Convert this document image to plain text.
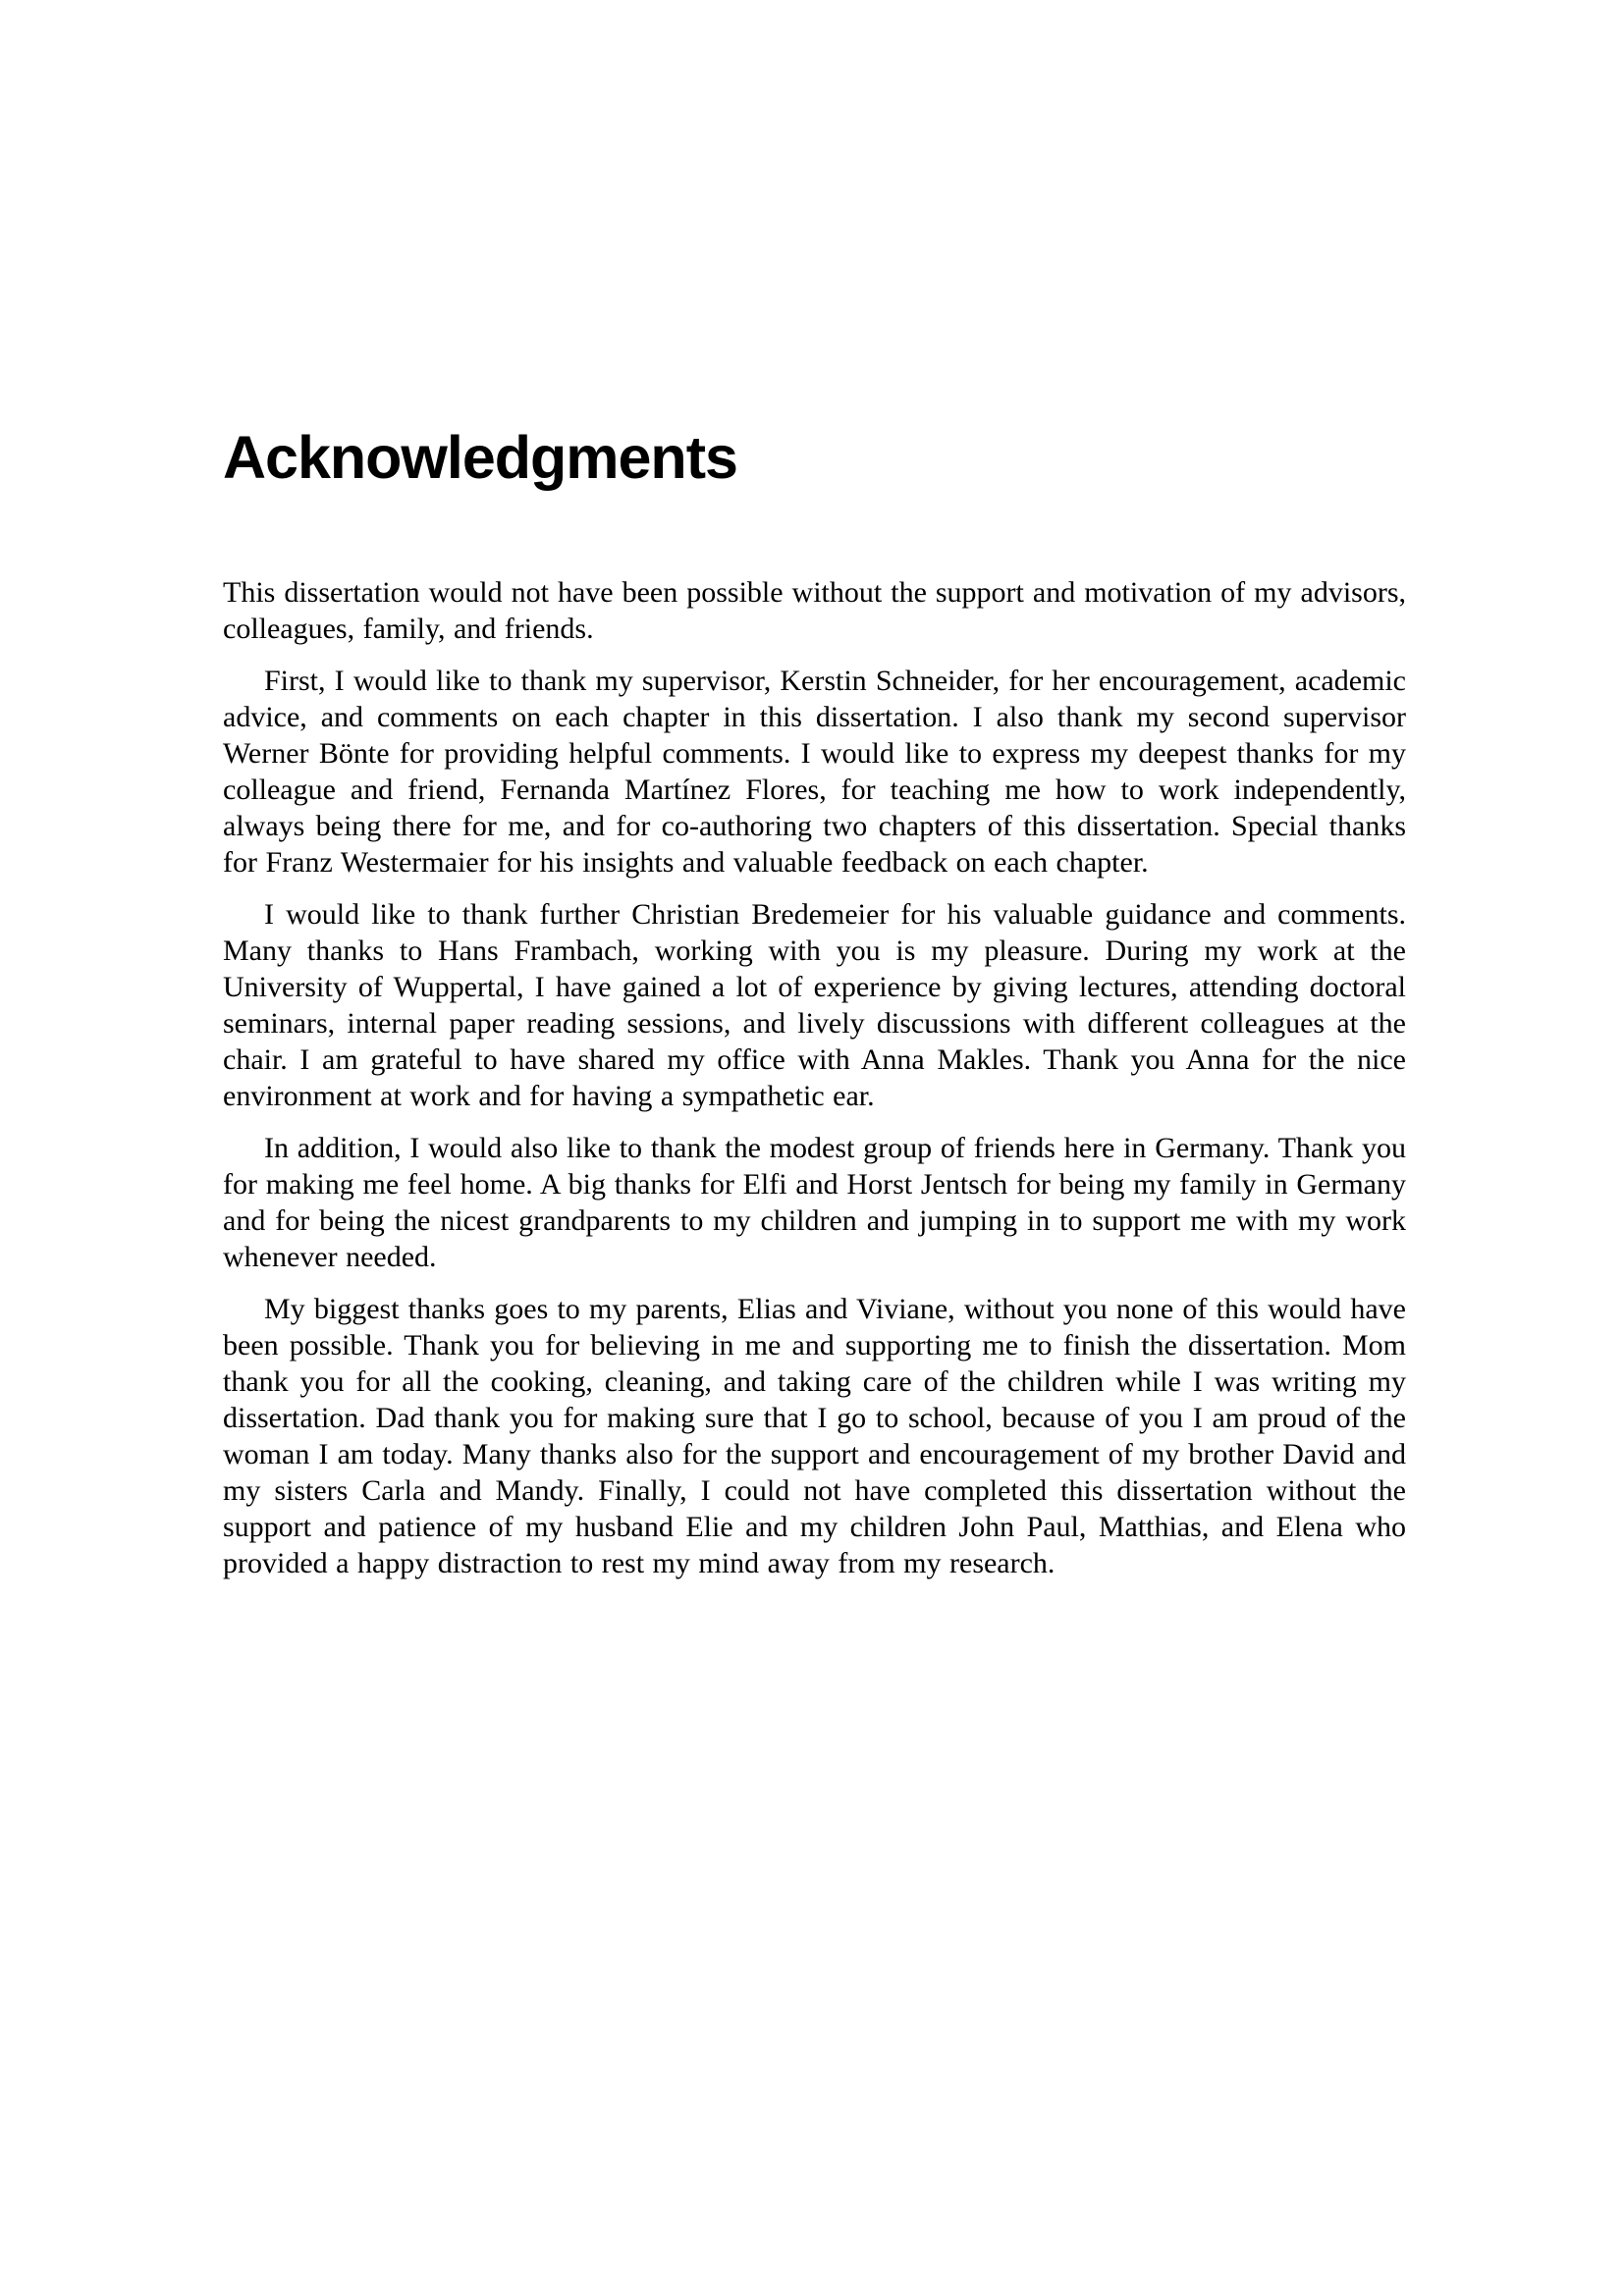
Acknowledgments

This dissertation would not have been possible without the support and motivation of my advisors, colleagues, family, and friends.

First, I would like to thank my supervisor, Kerstin Schneider, for her encouragement, academic advice, and comments on each chapter in this dissertation. I also thank my second supervisor Werner Bönte for providing helpful comments. I would like to express my deepest thanks for my colleague and friend, Fernanda Martínez Flores, for teaching me how to work independently, always being there for me, and for co-authoring two chapters of this dissertation. Special thanks for Franz Westermaier for his insights and valuable feedback on each chapter.

I would like to thank further Christian Bredemeier for his valuable guidance and comments. Many thanks to Hans Frambach, working with you is my pleasure. During my work at the University of Wuppertal, I have gained a lot of experience by giving lectures, attending doctoral seminars, internal paper reading sessions, and lively discussions with different colleagues at the chair. I am grateful to have shared my office with Anna Makles. Thank you Anna for the nice environment at work and for having a sympathetic ear.

In addition, I would also like to thank the modest group of friends here in Germany. Thank you for making me feel home. A big thanks for Elfi and Horst Jentsch for being my family in Germany and for being the nicest grandparents to my children and jumping in to support me with my work whenever needed.

My biggest thanks goes to my parents, Elias and Viviane, without you none of this would have been possible. Thank you for believing in me and supporting me to finish the dissertation. Mom thank you for all the cooking, cleaning, and taking care of the children while I was writing my dissertation. Dad thank you for making sure that I go to school, because of you I am proud of the woman I am today. Many thanks also for the support and encouragement of my brother David and my sisters Carla and Mandy. Finally, I could not have completed this dissertation without the support and patience of my husband Elie and my children John Paul, Matthias, and Elena who provided a happy distraction to rest my mind away from my research.
